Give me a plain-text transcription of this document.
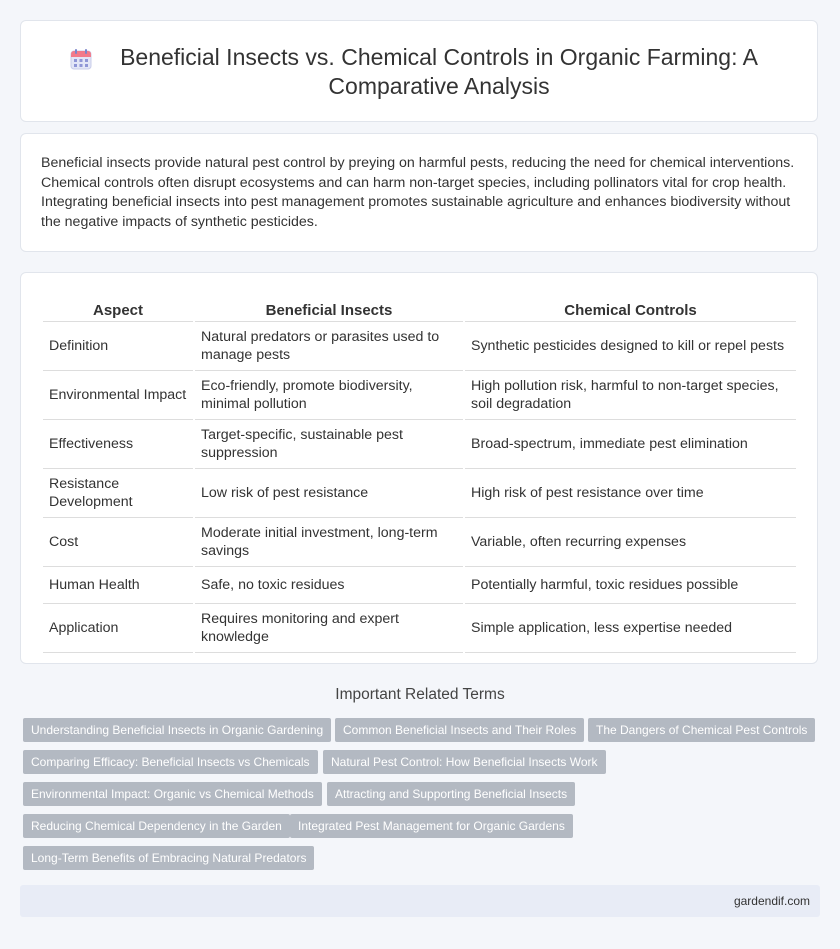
Beneficial Insects vs. Chemical Controls in Organic Farming: A Comparative Analysis

Beneficial insects provide natural pest control by preying on harmful pests, reducing the need for chemical interventions. Chemical controls often disrupt ecosystems and can harm non-target species, including pollinators vital for crop health. Integrating beneficial insects into pest management promotes sustainable agriculture and enhances biodiversity without the negative impacts of synthetic pesticides.

Aspect	Beneficial Insects	Chemical Controls
Definition	Natural predators or parasites used to manage pests	Synthetic pesticides designed to kill or repel pests
Environmental Impact	Eco-friendly, promote biodiversity, minimal pollution	High pollution risk, harmful to non-target species, soil degradation
Effectiveness	Target-specific, sustainable pest suppression	Broad-spectrum, immediate pest elimination
Resistance Development	Low risk of pest resistance	High risk of pest resistance over time
Cost	Moderate initial investment, long-term savings	Variable, often recurring expenses
Human Health	Safe, no toxic residues	Potentially harmful, toxic residues possible
Application	Requires monitoring and expert knowledge	Simple application, less expertise needed
Important Related Terms
Understanding Beneficial Insects in Organic Gardening	Common Beneficial Insects and Their Roles	The Dangers of Chemical Pest Controls
Comparing Efficacy: Beneficial Insects vs Chemicals	Natural Pest Control: How Beneficial Insects Work
Environmental Impact: Organic vs Chemical Methods	Attracting and Supporting Beneficial Insects
Reducing Chemical Dependency in the Garden	Integrated Pest Management for Organic Gardens
Long-Term Benefits of Embracing Natural Predators
gardendif.com
